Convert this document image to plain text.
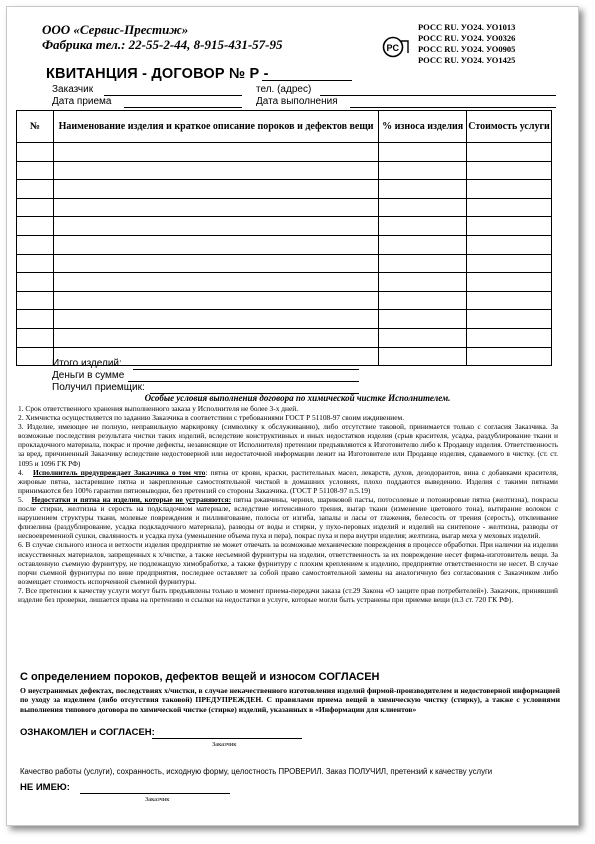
ООО «Сервис-Престиж»
Фабрика тел.: 22-55-2-44, 8-915-431-57-95	PC
РОСС RU. УО24. УО1013
РОСС RU. УО24. УО0326
РОСС RU. УО24. УО0905
РОСС RU. УО24. УО1425
КВИТАНЦИЯ - ДОГОВОР № Р -
Заказчик	тел. (адрес)
Дата приема	Дата выполнения
№	Наименование изделия и краткое описание пороков и дефектов вещи	% износа изделия	Стоимость услуги

Итого изделий:
Деньги в сумме
Получил приемщик:
Особые условия выполнения договора по химической чистке Исполнителем.

1. Срок ответственного хранения выполненного заказа у Исполнителя не более 3-х дней.

2. Химчистка осуществляется по заданию Заказчика в соответствии с требованиями ГОСТ Р 51108-97 своим иждивением.

3. Изделие, имеющее не полную, неправильную маркировку (символику к обслуживанию), либо отсутствие таковой, принимается только с согласия Заказчика. За возможные последствия результата чистки таких изделий, вследствие конструктивных и иных недостатков изделия (срыв красителя, усадка, раздублирование ткани и прокладочного материала, покрас и прочие дефекты, независящие от Исполнителя) претензии предъявляются к Изготовителю либо к Продавцу изделия. Ответственность за вред, причиненный Заказчику вследствие недостоверной или недостаточной информации лежит на Изготовителе или Продавце изделия, сдаваемого в чистку. (ст. ст. 1095 и 1096 ГК РФ)

4.   Исполнитель предупреждает Заказчика о том что: пятна от крови, краски, растительных масел, лекарств, духов, дезодорантов, вина с добавками красителя, жировые пятна, застаревшие пятна и закрепленные самостоятельной чисткой в домашних условиях, плохо поддаются выведению. Изделия с такими пятнами принимаются без 100% гарантии пятновыводки, без претензий со стороны Заказчика. (ГОСТ Р 51108-97 п.5.19)

5.   Недостатки и пятна на изделии, которые не устраняются: пятна ржавчины, чернил, шариковой пасты, потосолевые и потожировые пятна (желтизна), покрасы после стирки, желтизна и серость на подкладочном материале, вследствие интенсивного трения, выгар ткани (изменение цветового тона), вытирание волокон с нарушением структуры ткани, молевые повреждения и пиллингование, полосы от изгиба, запалы и ласы от глажения, белесость от трения (серость), отклеивание флизелина (раздублирование, усадка подкладочного материала), разводы от воды и стирки, у пухо-перовых изделий и изделий на синтепоне - желтизна, разводы от несвоевременной сушки, свалянность и усадка пуха (уменьшение объема пуха и пера), покрас пуха и пера внутри изделия; желтизна, выгар меха у меховых изделий.

6. В случае сильного износа и ветхости изделия предприятие не может отвечать за возможные механические повреждения в процессе обработки. При наличии на изделии искусственных материалов, запрещенных к х/чистке, а также несъемной фурнитуры на изделии, ответственность за их повреждение несет фирма-изготовитель вещи. За оставленную съемную фурнитуру, не подлежащую химобработке, а также фурнитуру с плохим креплением к изделию, предприятие ответственности не несет. В случае порчи съемной фурнитуры по вине предприятия, последнее оставляет за собой право самостоятельной замены на аналогичную без согласования с Заказчиком либо возмещает стоимость испорченной съемной фурнитуры.

7. Все претензии к качеству услуги могут быть предъявлены только в момент приема-передачи заказа (ст.29 Закона «О защите прав потребителей»). Заказчик, принявший изделие без проверки, лишается права на претензию и ссылки на недостатки в услуге, которые могли быть устранены при приемке вещи (п.3 ст. 720 ГК РФ).

С определением пороков, дефектов вещей и износом СОГЛАСЕН
О неустранимых дефектах, последствиях х/чистки, в случае некачественного изготовления изделий фирмой-производителем и недостоверной информацией по уходу за изделием (либо отсутствия таковой) ПРЕДУПРЕЖДЕН. С правилами приема вещей в химическую чистку (стирку), а также с условиями выполнения типового договора по химической чистке (стирке) изделий, указанных в «Информации для клиентов»
ОЗНАКОМЛЕН и СОГЛАСЕН:
Заказчик
Качество работы (услуги), сохранность, исходную форму, целостность ПРОВЕРИЛ. Заказ ПОЛУЧИЛ, претензий к качеству услуги
НЕ ИМЕЮ:
Заказчик
